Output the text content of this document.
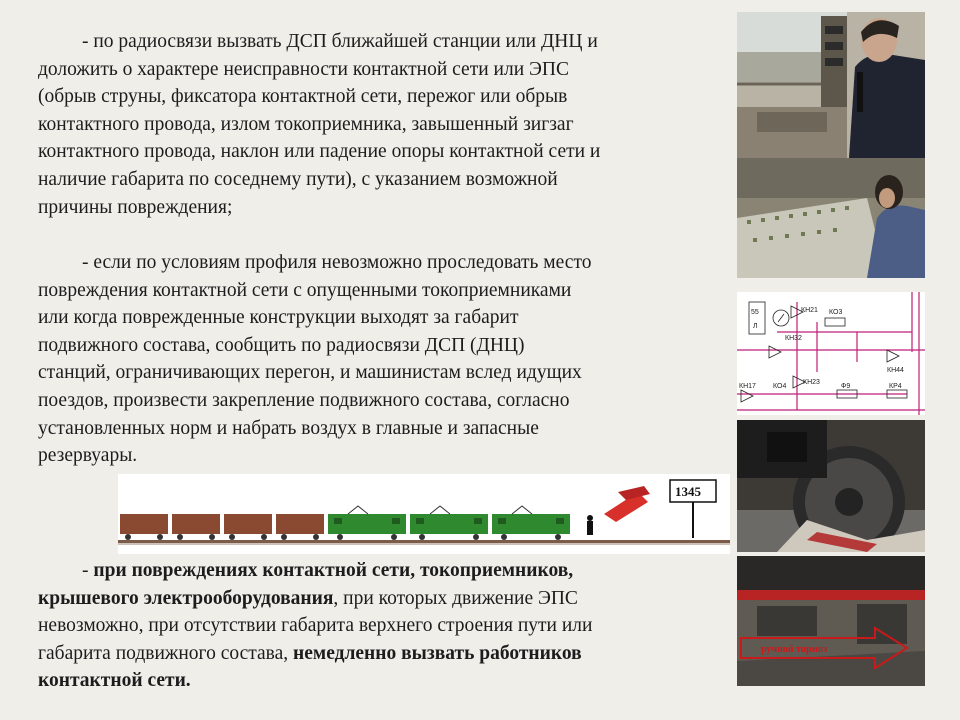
- по радиосвязи вызвать ДСП ближайшей станции или ДНЦ и

доложить о характере неисправности контактной сети или ЭПС

(обрыв струны, фиксатора контактной сети, пережог или обрыв

контактного провода, излом токоприемника, завышенный зигзаг

контактного провода, наклон или падение опоры контактной сети и

наличие габарита по соседнему пути), с указанием возможной

причины повреждения;

- если по условиям профиля невозможно проследовать место

повреждения контактной сети с опущенными токоприемниками

или когда поврежденные конструкции выходят за габарит

подвижного состава, сообщить по радиосвязи ДСП (ДНЦ)

станций, ограничивающих перегон, и машинистам вслед идущих

поездов, произвести закрепление подвижного состава, согласно

установленных норм и набрать воздух в главные и запасные

резервуары.

- при повреждениях контактной сети, токоприемников,

крышевого электрооборудования, при которых движение ЭПС

невозможно, при отсутствии габарита верхнего строения пути или

габарита подвижного состава, немедленно вызвать работников

контактной сети.

55
Л
КН21
КН32
КО3
КН44
КН17 КО4
КН23
Ф9	КР4
ручной тормоз
1345
